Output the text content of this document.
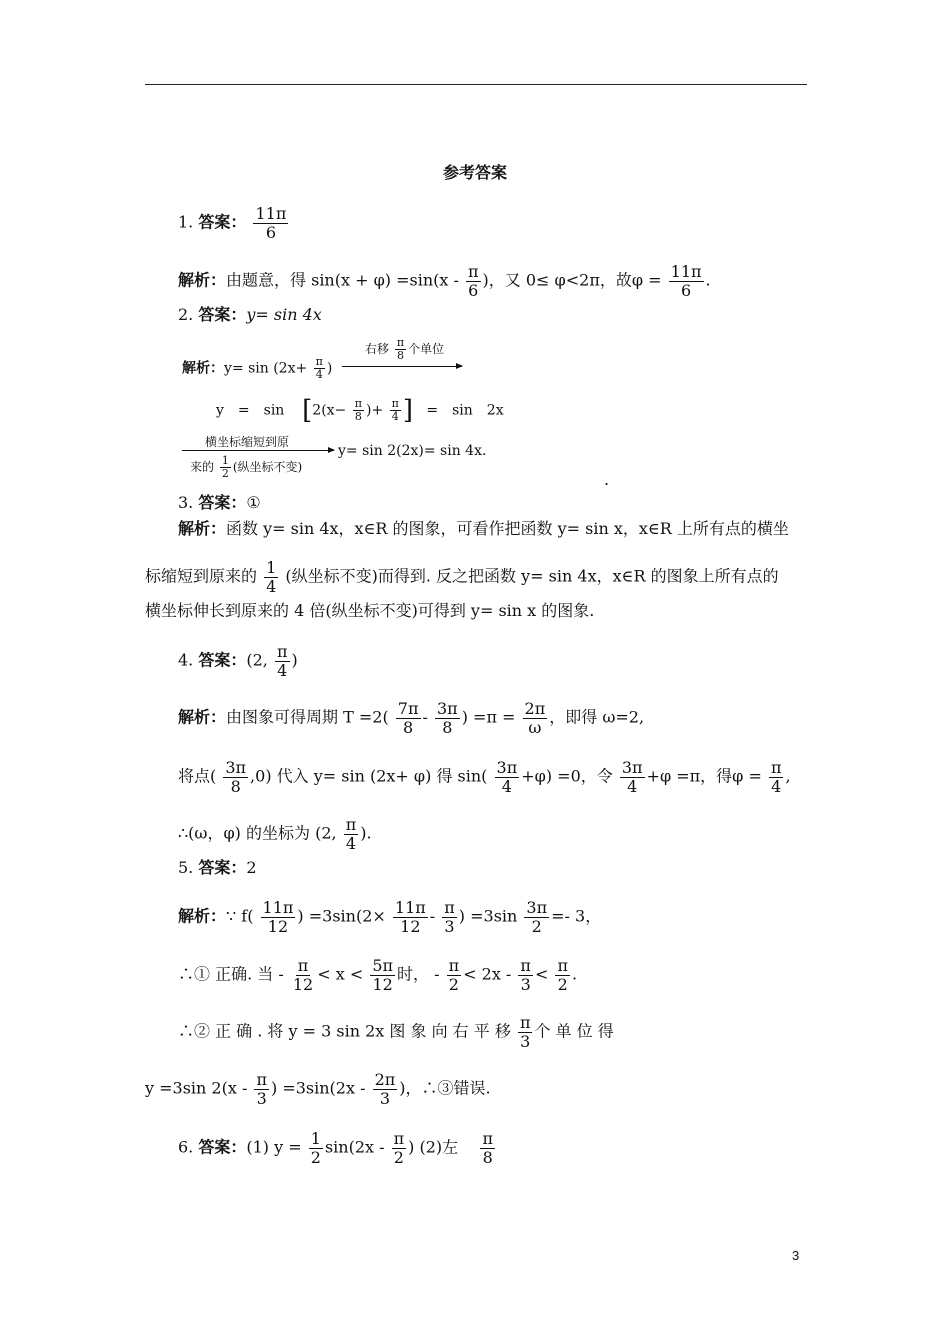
参考答案
1. 答案： $\frac{11\pi}{6}$
解析：由题意，得 $\sin(x + \varphi) =\sin(x - \frac{\pi}{6}$ )，又 0≤ φ<2π，故$\varphi = \frac{11\pi}{6}$ .
2. 答案：y= sin 4x
解析：$y= \sin (2x+ \frac{\pi}{4}$ )
右移 $\frac{\pi}{8}$ 个单位
y　=　$\sin [2(x- \frac{\pi}{8}$ )+ $\frac{\pi}{4}$ ] =　sin　2x
横坐标缩短到原
来的 $\frac{1}{2}$ (纵坐标不变)
y= sin 2(2x)= sin 4x.
.
3. 答案：①
解析：函数 y= sin 4x，x∈R 的图象，可看作把函数 y= sin x，x∈R 上所有点的横坐
标缩短到原来的 $\frac{1}{4}$ (纵坐标不变)而得到. 反之把函数 y= sin 4x，x∈R 的图象上所有点的
横坐标伸长到原来的 4 倍(纵坐标不变)可得到 y= sin x 的图象.
4. 答案：(2, $\frac{\pi}{4}$ )
解析：由图象可得周期 $T =2( \frac{7\pi}{8} - \frac{3\pi}{8}$ ) $=\pi = \frac{2\pi}{\omega}$ ，即得 ω=2,
将点( $\frac{3\pi}{8} ,0$) 代入 y= sin (2x+ φ) 得 $\sin( \frac{3\pi}{4} +\varphi) =0$，令 $\frac{3\pi}{4} +\varphi =\pi$，得$\varphi = \frac{\pi}{4}$ ,
∴(ω，φ) 的坐标为 (2, $\frac{\pi}{4}$ ).
5. 答案：2
解析：∵ $f( \frac{11\pi}{12}$ ) $=3\sin(2\times \frac{11\pi}{12} - \frac{\pi}{3}$ ) $=3\sin \frac{3\pi}{2} =- 3$，
∴① 正确. 当 - $\frac{\pi}{12} < x < \frac{5\pi}{12}$ 时， - $\frac{\pi}{2} < 2x - \frac{\pi}{3} < \frac{\pi}{2}$ .
∴② 正 确 . 将 y = 3 sin 2x 图 象 向 右 平 移 $\frac{\pi}{3}$ 个 单 位 得
y =3sin $2(x - \frac{\pi}{3}$ ) $=3\sin(2x - \frac{2\pi}{3}$ )，∴③错误.
6. 答案：(1) $y = \frac{1}{2} \sin(2x - \frac{\pi}{2}$ ) (2)左 $\frac{\pi}{8}$
3
